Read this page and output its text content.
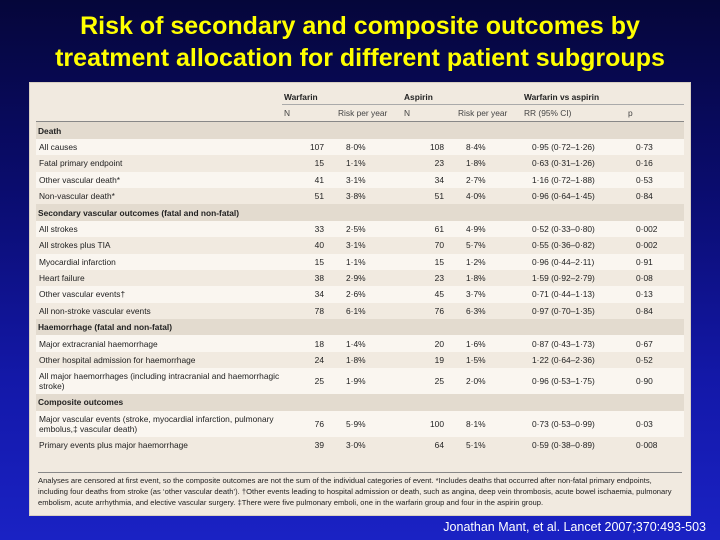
Risk of secondary and composite outcomes by
treatment allocation for different patient subgroups
	Warfarin		Aspirin		Warfarin vs aspirin	
	N	Risk per year	N	Risk per year	RR (95% CI)	p
Death						
All causes	107	8·0%	108	8·4%	0·95 (0·72–1·26)	0·73
Fatal primary endpoint	15	1·1%	23	1·8%	0·63 (0·31–1·26)	0·16
Other vascular death*	41	3·1%	34	2·7%	1·16 (0·72–1·88)	0·53
Non-vascular death*	51	3·8%	51	4·0%	0·96 (0·64–1·45)	0·84
Secondary vascular outcomes (fatal and non-fatal)						
All strokes	33	2·5%	61	4·9%	0·52 (0·33–0·80)	0·002
All strokes plus TIA	40	3·1%	70	5·7%	0·55 (0·36–0·82)	0·002
Myocardial infarction	15	1·1%	15	1·2%	0·96 (0·44–2·11)	0·91
Heart failure	38	2·9%	23	1·8%	1·59 (0·92–2·79)	0·08
Other vascular events†	34	2·6%	45	3·7%	0·71 (0·44–1·13)	0·13
All non-stroke vascular events	78	6·1%	76	6·3%	0·97 (0·70–1·35)	0·84
Haemorrhage (fatal and non-fatal)						
Major extracranial haemorrhage	18	1·4%	20	1·6%	0·87 (0·43–1·73)	0·67
Other hospital admission for haemorrhage	24	1·8%	19	1·5%	1·22 (0·64–2·36)	0·52
All major haemorrhages (including intracranial and haemorrhagic stroke)	25	1·9%	25	2·0%	0·96 (0·53–1·75)	0·90
Composite outcomes						
Major vascular events (stroke, myocardial infarction, pulmonary embolus,‡ vascular death)	76	5·9%	100	8·1%	0·73 (0·53–0·99)	0·03
Primary events plus major haemorrhage	39	3·0%	64	5·1%	0·59 (0·38–0·89)	0·008
Analyses are censored at first event, so the composite outcomes are not the sum of the individual categories of event. *Includes deaths that occurred after non-fatal primary endpoints, including four deaths from stroke (as ‘other vascular death’). †Other events leading to hospital admission or death, such as angina, deep vein thrombosis, acute bowel ischaemia, pulmonary embolism, acute arrhythmia, and elective vascular surgery. ‡There were five pulmonary emboli, one in the warfarin group and four in the aspirin group.
Jonathan Mant, et al. Lancet 2007;370:493-503
